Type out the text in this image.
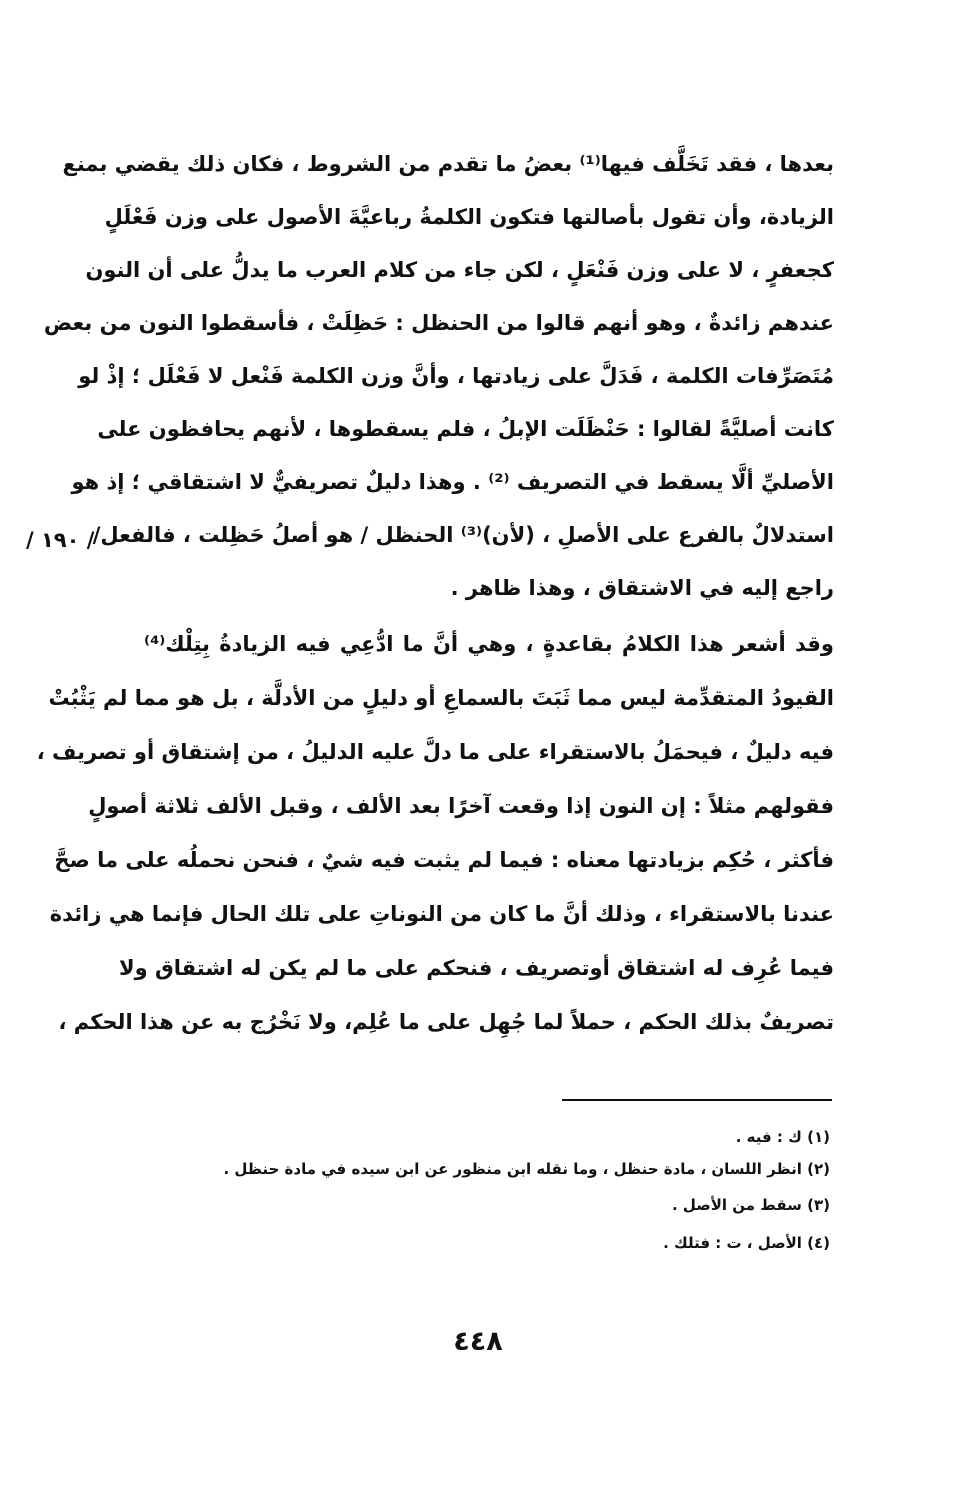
بعدها ، فقد تَخَلَّف فيها⁽¹⁾ بعضُ ما تقدم من الشروط ، فكان ذلك يقضي بمنع
الزيادة، وأن تقول بأصالتها فتكون الكلمةُ رباعيَّةَ الأصول على وزن فَعْلَلٍ
كجعفرٍ ، لا على وزن فَنْعَلٍ ، لكن جاء من كلام العرب ما يدلُّ على أن النون
عندهم زائدةٌ ، وهو أنهم قالوا من الحنظل : حَظِلَتْ ، فأسقطوا النون من بعض
مُتَصَرِّفات الكلمة ، فَدَلَّ على زيادتها ، وأنَّ وزن الكلمة فَنْعل لا فَعْلَل ؛ إذْ لو
كانت أصليَّةً لقالوا : حَنْظَلَت الإبلُ ، فلم يسقطوها ، لأنهم يحافظون على
الأصليِّ ألَّا يسقط في التصريف ⁽²⁾ . وهذا دليلٌ تصريفيٌّ لا اشتقاقي ؛ إذ هو
استدلالٌ بالفرع على الأصلِ ، (لأن)⁽³⁾ الحنظل / هو أصلُ حَظِلت ، فالفعل/
راجع إليه في الاشتقاق ، وهذا ظاهر .
/ ١٩٠ /
وقد أشعر هذا الكلامُ بقاعدةٍ ، وهي أنَّ ما ادُّعِي فيه الزيادةُ بِتِلْك⁽⁴⁾
القيودُ المتقدِّمة ليس مما ثَبَتَ بالسماعِ أو دليلٍ من الأدلَّة ، بل هو مما لم يَثْبُتْ
فيه دليلٌ ، فيحمَلُ بالاستقراء على ما دلَّ عليه الدليلُ ، من إشتقاق أو تصريف ،
فقولهم مثلاً : إن النون إذا وقعت آخرًا بعد الألف ، وقبل الألف ثلاثة أصولٍ
فأكثر ، حُكِم بزيادتها معناه : فيما لم يثبت فيه شيٌ ، فنحن نحملُه على ما صحَّ
عندنا بالاستقراء ، وذلك أنَّ ما كان من النوناتِ على تلك الحال فإنما هي زائدة
فيما عُرِف له اشتقاق أوتصريف ، فنحكم على ما لم يكن له اشتقاق ولا
تصريفٌ بذلك الحكم ، حملاً لما جُهِل على ما عُلِم، ولا نَخْرُج به عن هذا الحكم ،
(١) ك : فيه .
(٢) انظر اللسان ، مادة حنظل ، وما نقله ابن منظور عن ابن سيده في مادة حنظل .
(٣) سقط من الأصل .
(٤) الأصل ، ت : فتلك .
٤٤٨
